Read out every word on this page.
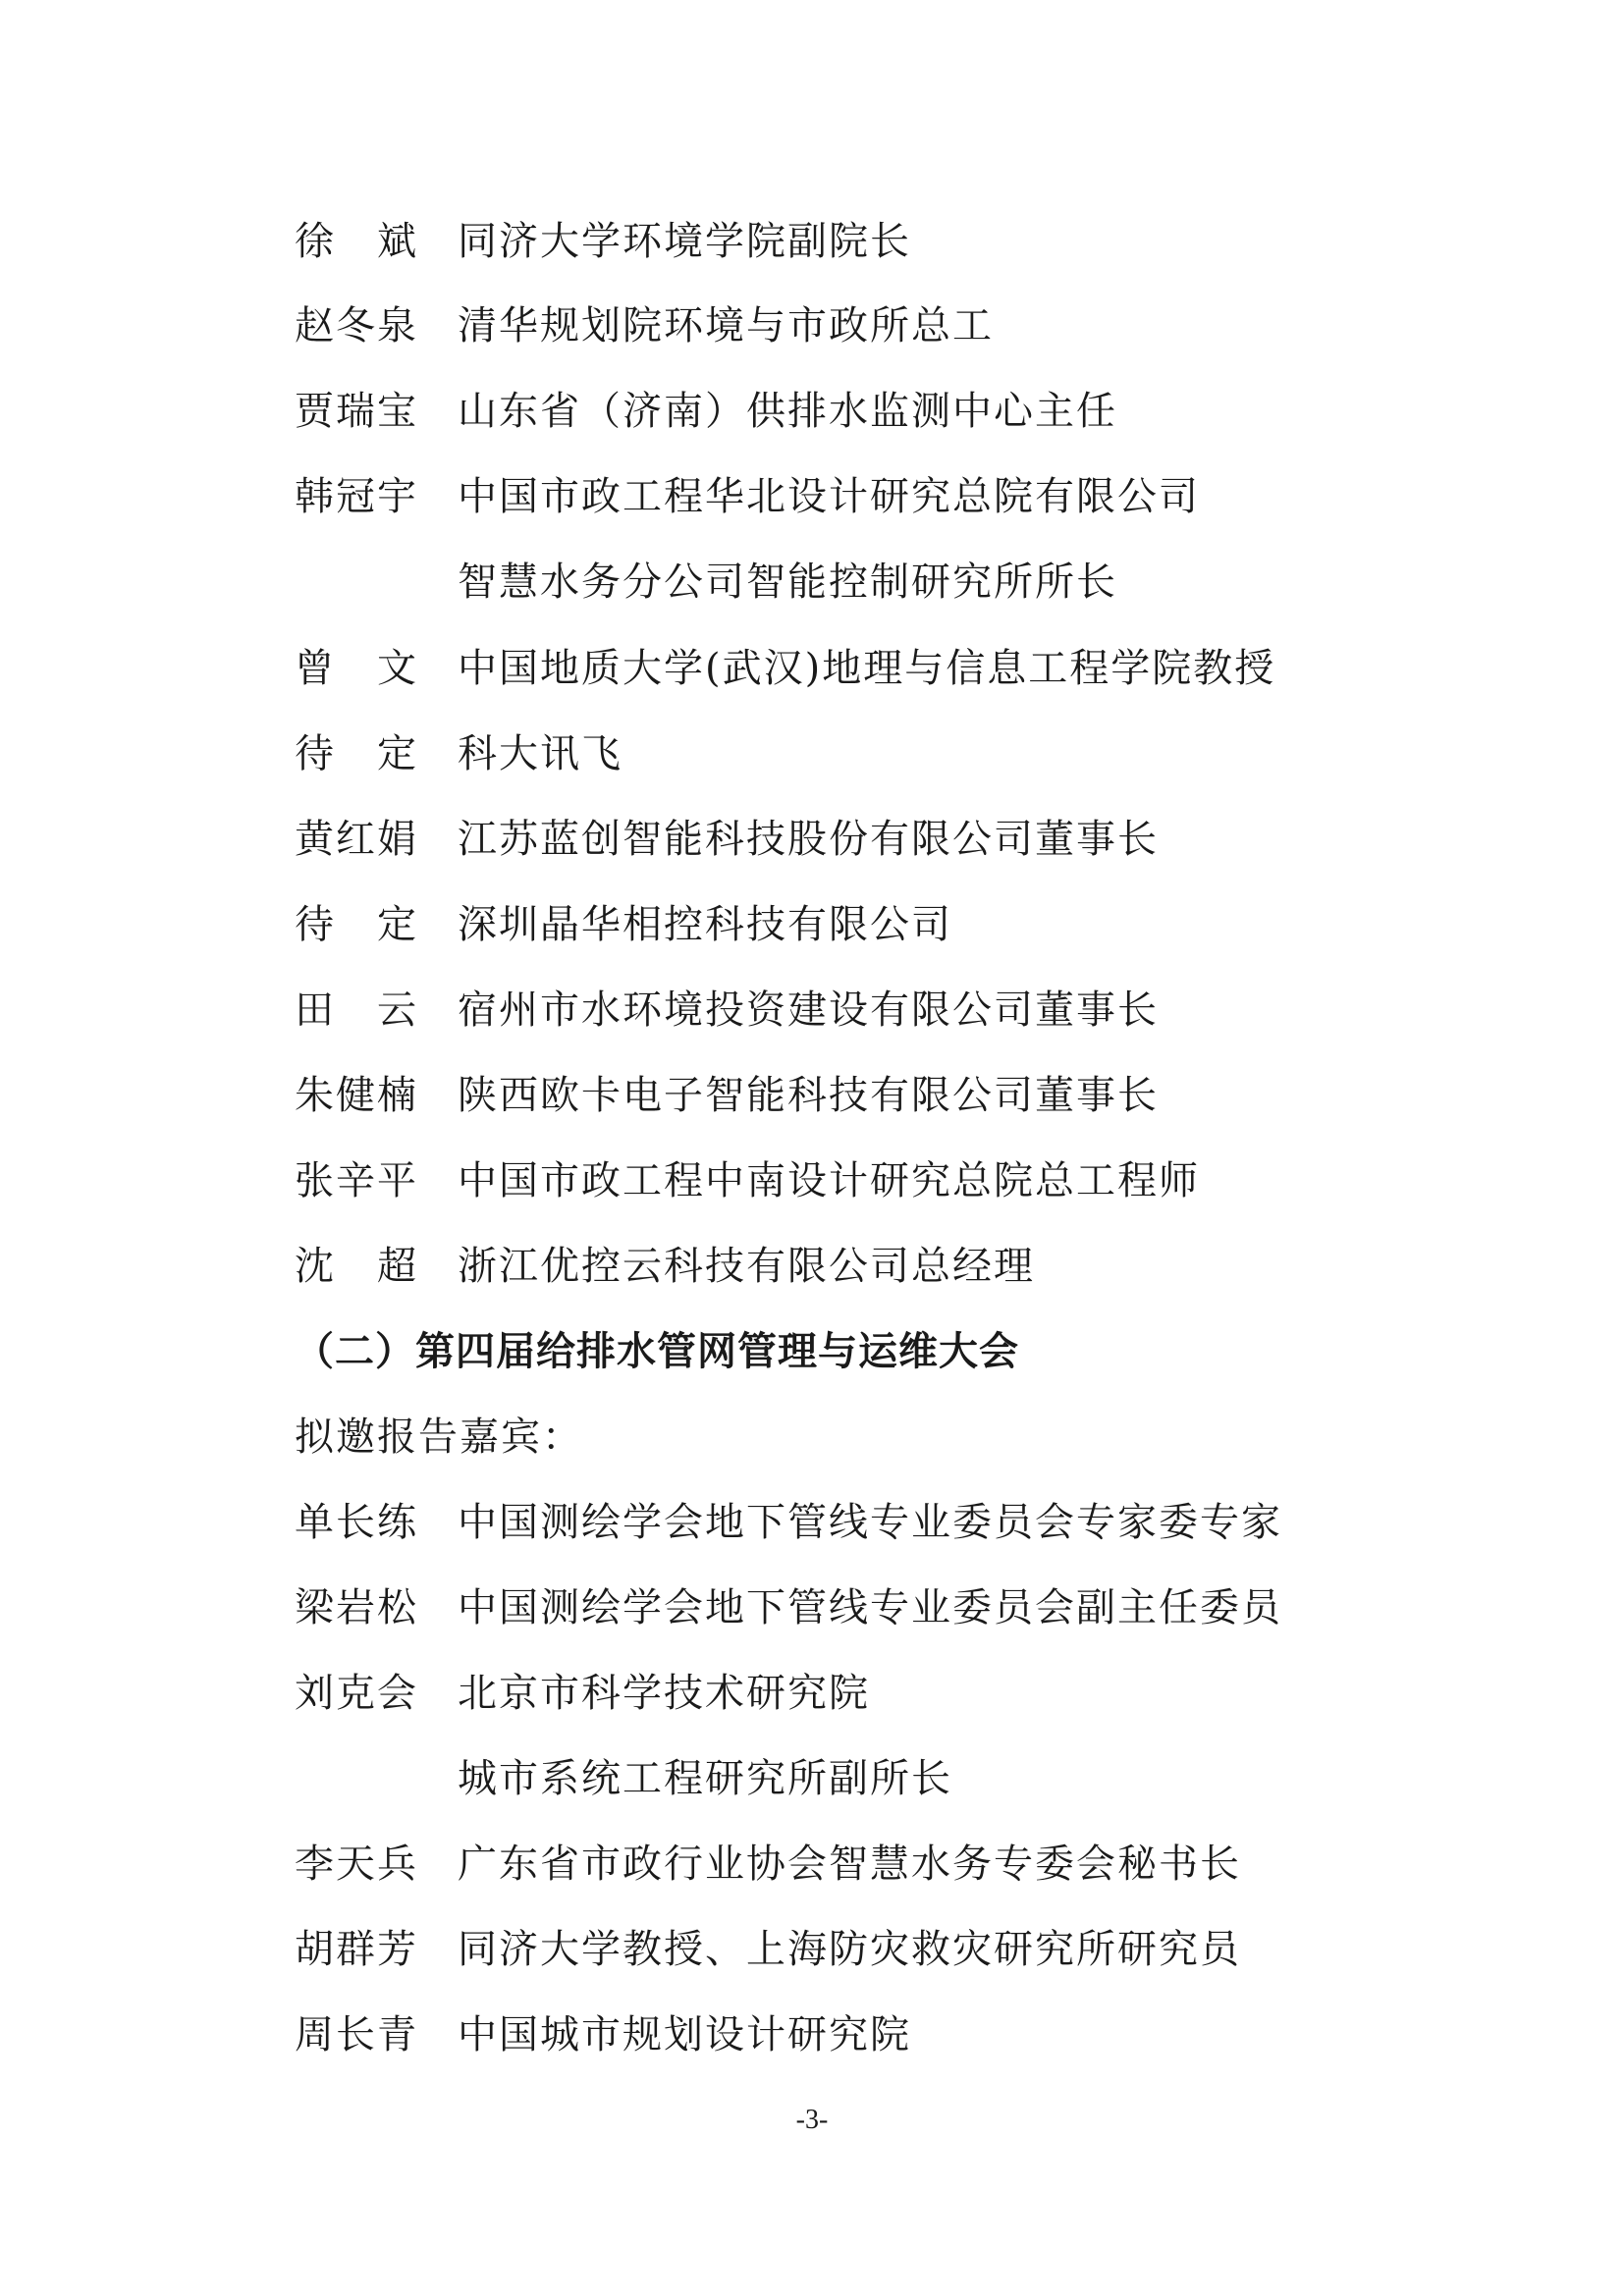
徐　斌 同济大学环境学院副院长
赵冬泉 清华规划院环境与市政所总工
贾瑞宝 山东省（济南）供排水监测中心主任
韩冠宇 中国市政工程华北设计研究总院有限公司
智慧水务分公司智能控制研究所所长
曾　文 中国地质大学(武汉)地理与信息工程学院教授
待　定 科大讯飞
黄红娟 江苏蓝创智能科技股份有限公司董事长
待　定 深圳晶华相控科技有限公司
田　云 宿州市水环境投资建设有限公司董事长
朱健楠 陕西欧卡电子智能科技有限公司董事长
张辛平 中国市政工程中南设计研究总院总工程师
沈　超 浙江优控云科技有限公司总经理
（二）第四届给排水管网管理与运维大会
拟邀报告嘉宾：
单长练 中国测绘学会地下管线专业委员会专家委专家
梁岩松 中国测绘学会地下管线专业委员会副主任委员
刘克会 北京市科学技术研究院
城市系统工程研究所副所长
李天兵 广东省市政行业协会智慧水务专委会秘书长
胡群芳 同济大学教授、上海防灾救灾研究所研究员
周长青 中国城市规划设计研究院
-3-
